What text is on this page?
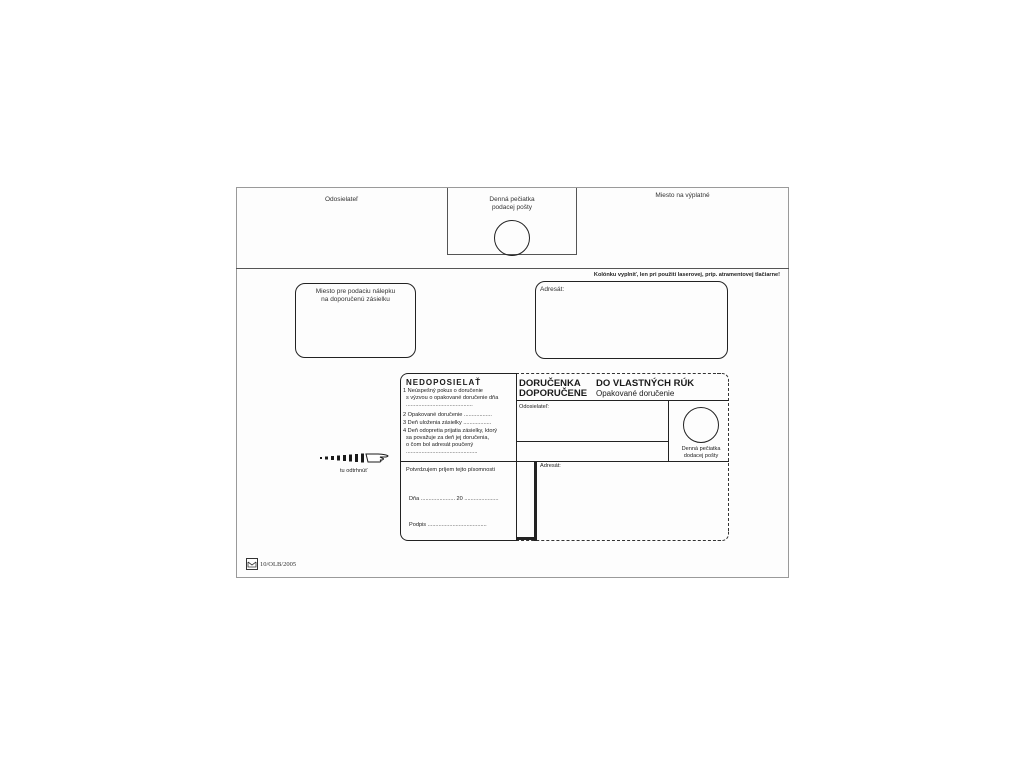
Odosielateľ	Denná pečiatka
podacej pošty
Miesto na výplatné
Kolónku vyplniť, len pri použití laserovej, príp. atramentovej tlačiarne!
Miesto pre podaciu nálepku
na doporučenú zásielku
Adresát:
NEDOPOSIELAŤ
1 Neúspešný pokus o doručenie
s výzvou o opakované doručenie dňa
...........................................
2 Opakované doručenie ..................
3 Deň uloženia zásielky ..................
4 Deň odopretia prijatia zásielky, ktorý
sa považuje za deň jej doručenia,
o čom bol adresát poučený
..............................................
DORUČENKA
DOPORUČENE
DO VLASTNÝCH RÚK
Opakované doručenie
Odosielateľ:
Denná pečiatka
dodacej pošty
Potvrdzujem príjem tejto písomnosti
Dňa ...................... 20 ......................
Podpis ......................................
Adresát:
tu odtrhnúť
10/OLB/2005
